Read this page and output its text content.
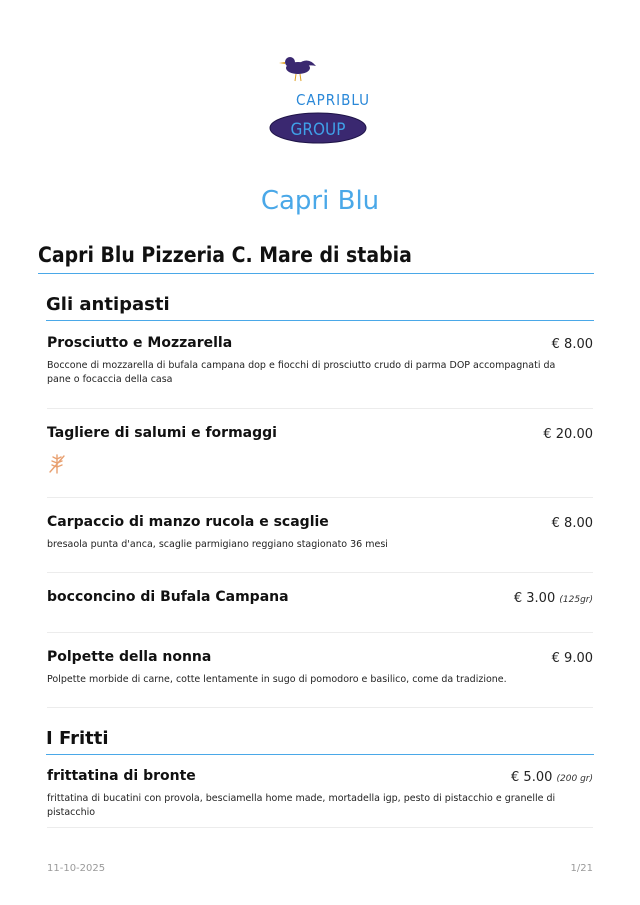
CAPRIBLU
GROUP
Capri Blu
Capri Blu Pizzeria C. Mare di stabia
Gli antipasti
Prosciutto e Mozzarella	€ 8.00
Boccone di mozzarella di bufala campana dop e fiocchi di prosciutto crudo di parma DOP accompagnati da pane o focaccia della casa
Tagliere di salumi e formaggi	€ 20.00
Carpaccio di manzo rucola e scaglie	€ 8.00
bresaola punta d'anca, scaglie parmigiano reggiano stagionato 36 mesi
bocconcino di Bufala Campana	€ 3.00 (125gr)
Polpette della nonna	€ 9.00
Polpette morbide di carne, cotte lentamente in sugo di pomodoro e basilico, come da tradizione.
I Fritti
frittatina di bronte	€ 5.00 (200 gr)
frittatina di bucatini con provola, besciamella home made, mortadella igp, pesto di pistacchio e granelle di pistacchio
11-10-2025	1/21
